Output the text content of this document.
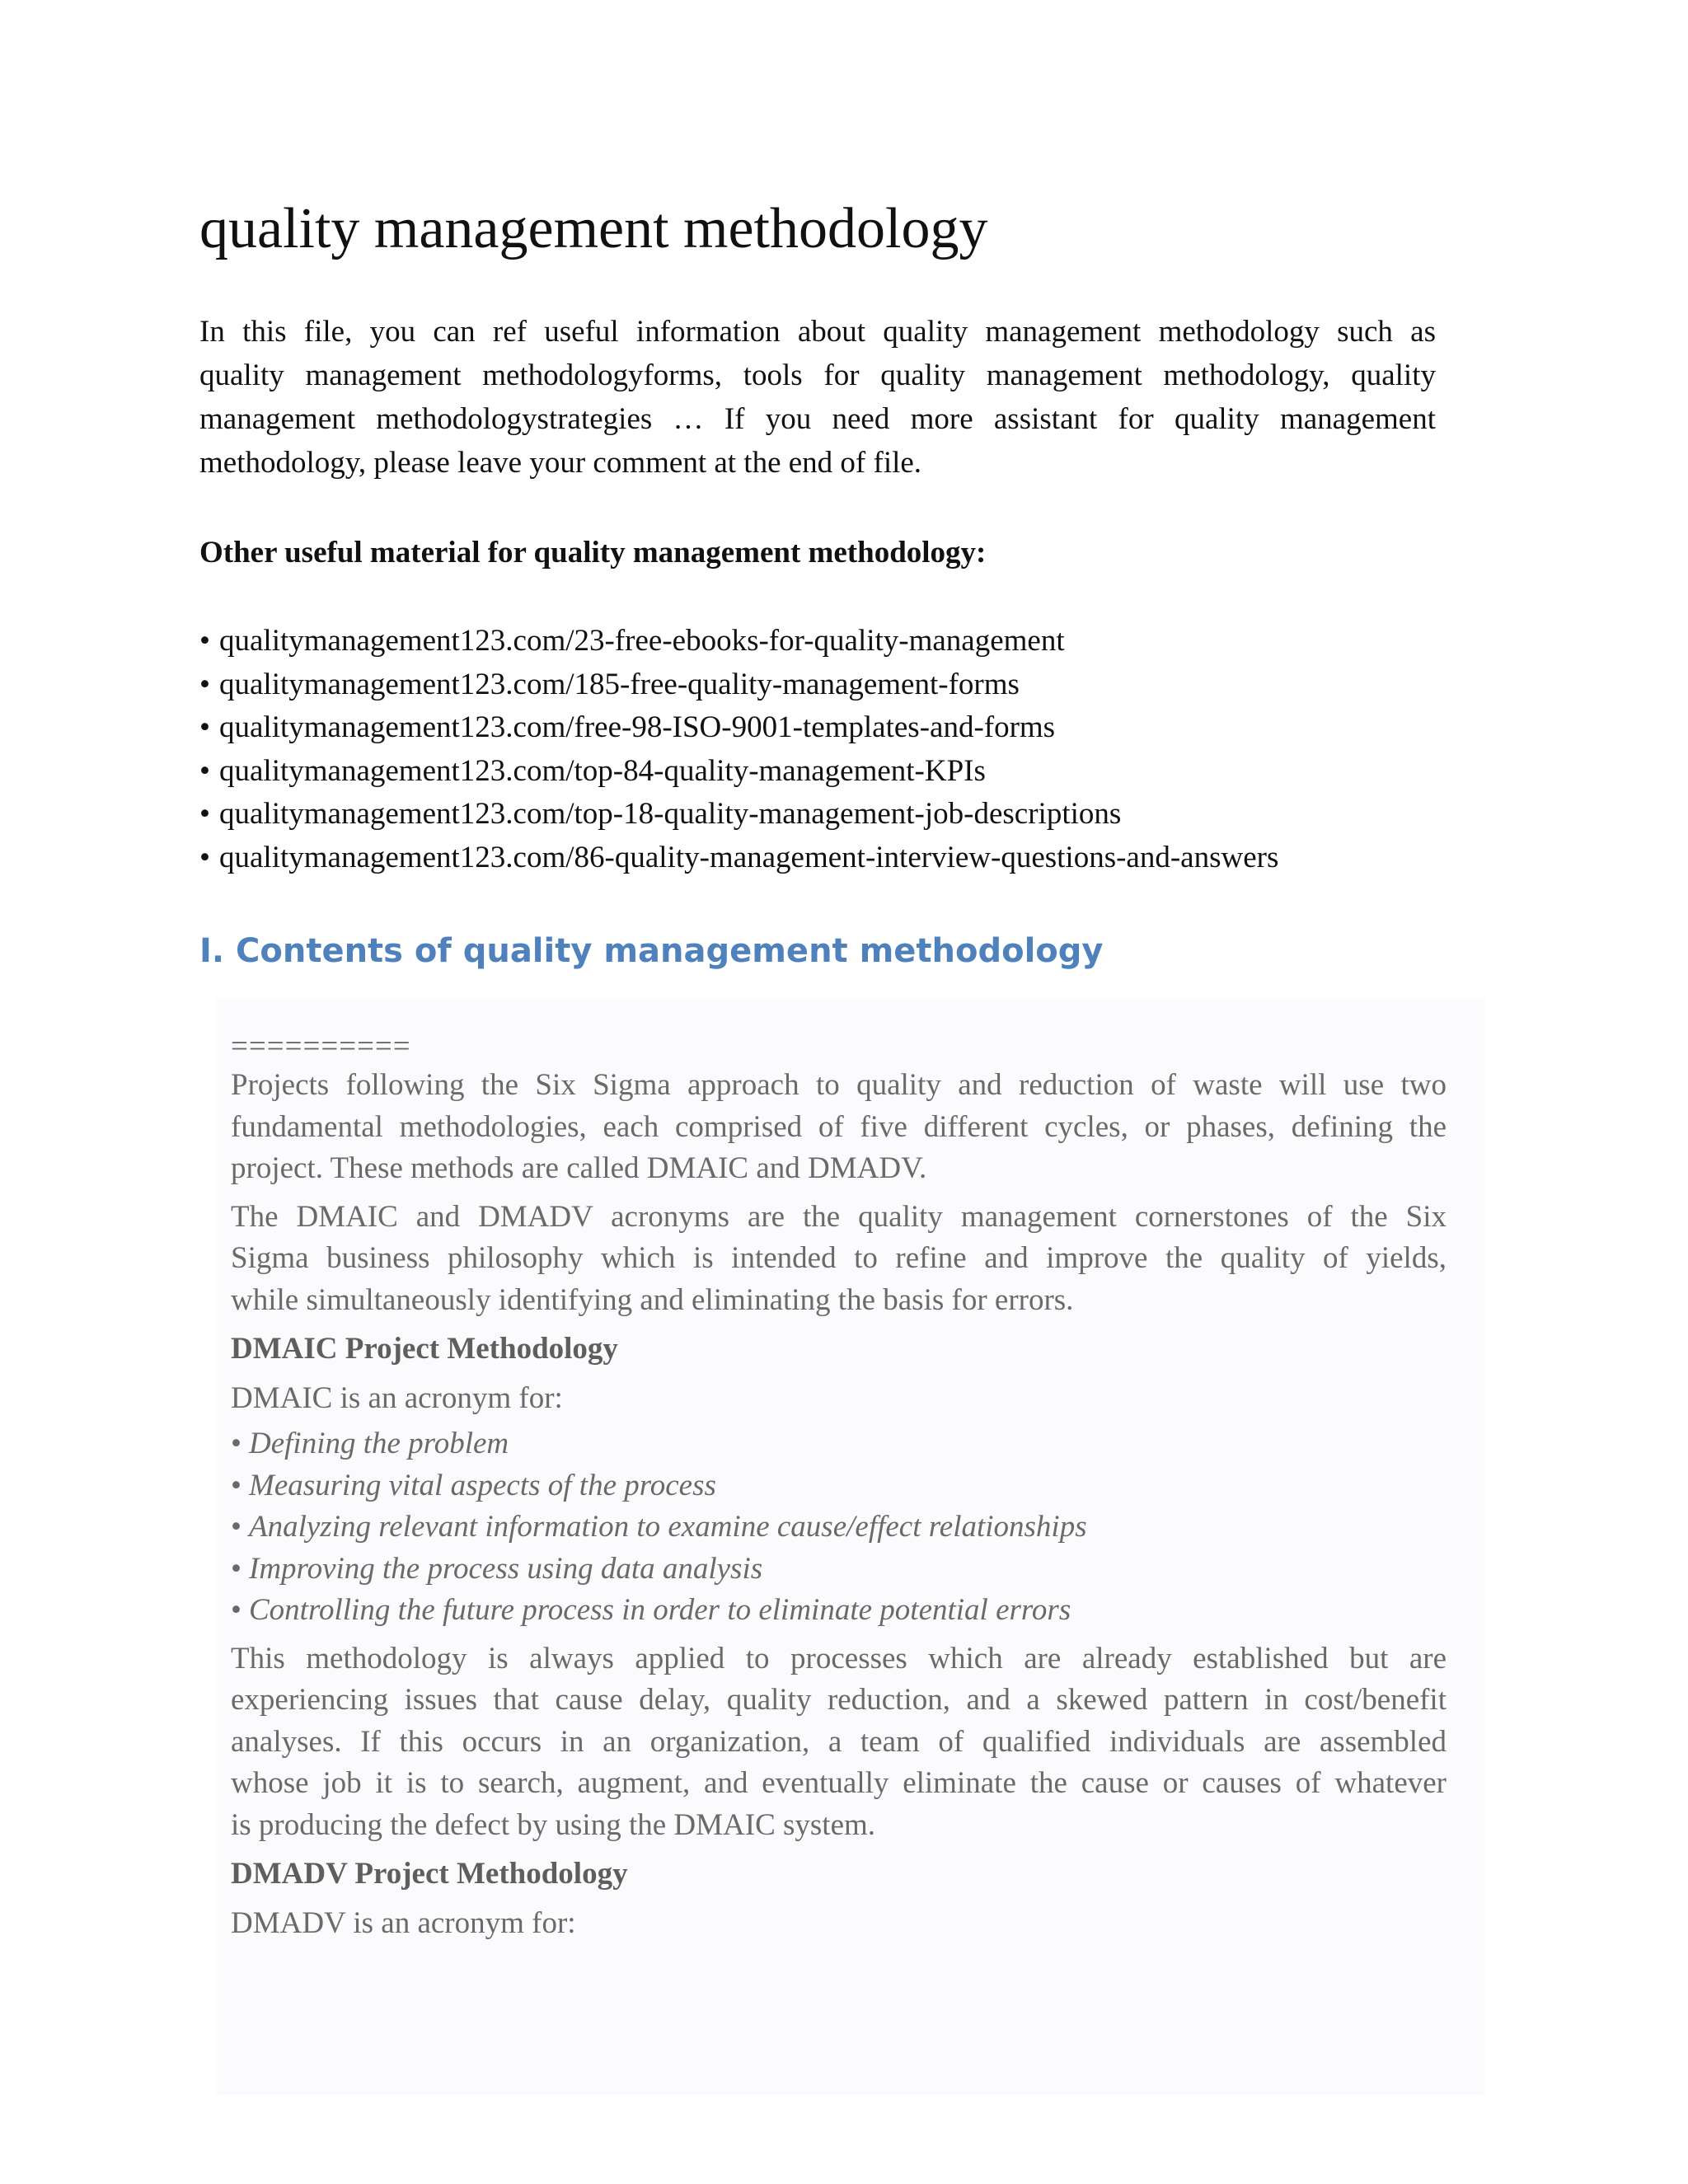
quality management methodology

In this file, you can ref useful information about quality management methodology such as
quality management methodologyforms, tools for quality management methodology, quality
management methodologystrategies … If you need more assistant for quality management
methodology, please leave your comment at the end of file.

Other useful material for quality management methodology:

• qualitymanagement123.com/23-free-ebooks-for-quality-management
• qualitymanagement123.com/185-free-quality-management-forms
• qualitymanagement123.com/free-98-ISO-9001-templates-and-forms
• qualitymanagement123.com/top-84-quality-management-KPIs
• qualitymanagement123.com/top-18-quality-management-job-descriptions
• qualitymanagement123.com/86-quality-management-interview-questions-and-answers
I. Contents of quality management methodology

==========

Projects following the Six Sigma approach to quality and reduction of waste will use two
fundamental methodologies, each comprised of five different cycles, or phases, defining the
project. These methods are called DMAIC and DMADV.

The DMAIC and DMADV acronyms are the quality management cornerstones of the Six
Sigma business philosophy which is intended to refine and improve the quality of yields,
while simultaneously identifying and eliminating the basis for errors.

DMAIC Project Methodology

DMAIC is an acronym for:

• Defining the problem
• Measuring vital aspects of the process
• Analyzing relevant information to examine cause/effect relationships
• Improving the process using data analysis
• Controlling the future process in order to eliminate potential errors

This methodology is always applied to processes which are already established but are
experiencing issues that cause delay, quality reduction, and a skewed pattern in cost/benefit
analyses. If this occurs in an organization, a team of qualified individuals are assembled
whose job it is to search, augment, and eventually eliminate the cause or causes of whatever
is producing the defect by using the DMAIC system.

DMADV Project Methodology

DMADV is an acronym for:
